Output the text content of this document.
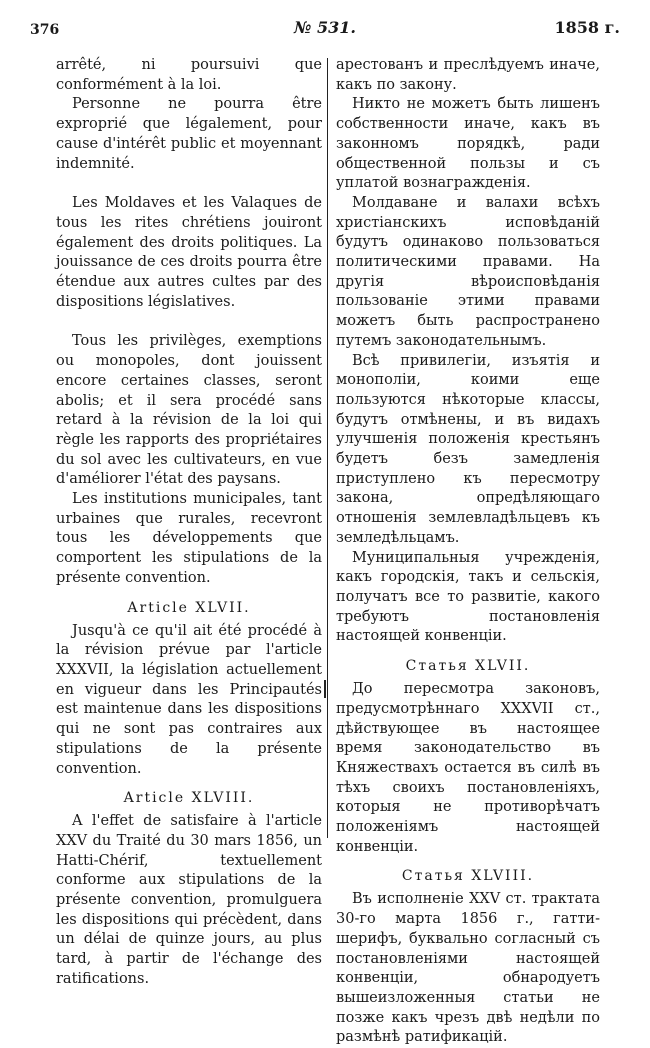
376	№ 531.	1858 г.

arrêté, ni poursuivi que conformément à la loi.

Personne ne pourra être exproprié que légalement, pour cause d'intérêt public et moyennant indemnité.

Les Moldaves et les Valaques de tous les rites chrétiens jouiront également des droits politiques. La jouissance de ces droits pourra être étendue aux autres cultes par des dispositions législatives.

Tous les privilèges, exemptions ou monopoles, dont jouissent encore certaines classes, seront abolis; et il sera procédé sans retard à la révision de la loi qui règle les rapports des propriétaires du sol avec les cultivateurs, en vue d'améliorer l'état des paysans.

Les institutions municipales, tant urbaines que rurales, recevront tous les développements que comportent les stipulations de la présente convention.

Article XLVII.

Jusqu'à ce qu'il ait été procédé à la révision prévue par l'article XXXVII, la législation actuellement en vigueur dans les Principautés est maintenue dans les dispositions qui ne sont pas contraires aux stipulations de la présente convention.

Article XLVIII.

A l'effet de satisfaire à l'article XXV du Traité du 30 mars 1856, un Hatti-Chérif, textuellement conforme aux stipulations de la présente convention, promulguera les dispositions qui précèdent, dans un délai de quinze jours, au plus tard, à partir de l'échange des ratifications.

арестованъ и преслѣдуемъ иначе, какъ по закону.

Никто не можетъ быть лишенъ собственности иначе, какъ въ законномъ порядкѣ, ради общественной пользы и съ уплатой вознагражденія.

Молдаване и валахи всѣхъ христіанскихъ исповѣданій будутъ одинаково пользоваться политическими правами. На другія вѣроисповѣданія пользованіе этими правами можетъ быть распространено путемъ законодательнымъ.

Всѣ привилегіи, изъятія и монополіи, коими еще пользуются нѣкоторые классы, будутъ отмѣнены, и въ видахъ улучшенія положенія крестьянъ будетъ безъ замедленія приступлено къ пересмотру закона, опредѣляющаго отношенія землевладѣльцевъ къ земледѣльцамъ.

Муниципальныя учрежденія, какъ городскія, такъ и сельскія, получатъ все то развитіе, какого требуютъ постановленія настоящей конвенціи.

Статья XLVII.

До пересмотра законовъ, предусмотрѣннаго XXXVII ст., дѣйствующее въ настоящее время законодательство въ Княжествахъ остается въ силѣ въ тѣхъ своихъ постановленіяхъ, которыя не противорѣчатъ положеніямъ настоящей конвенціи.

Статья XLVIII.

Въ исполненіе XXV ст. трактата 30-го марта 1856 г., гатти-шерифъ, буквально согласный съ постановленіями настоящей конвенціи, обнародуетъ вышеизложенныя статьи не позже какъ чрезъ двѣ недѣли по размѣнѣ ратификацій.
